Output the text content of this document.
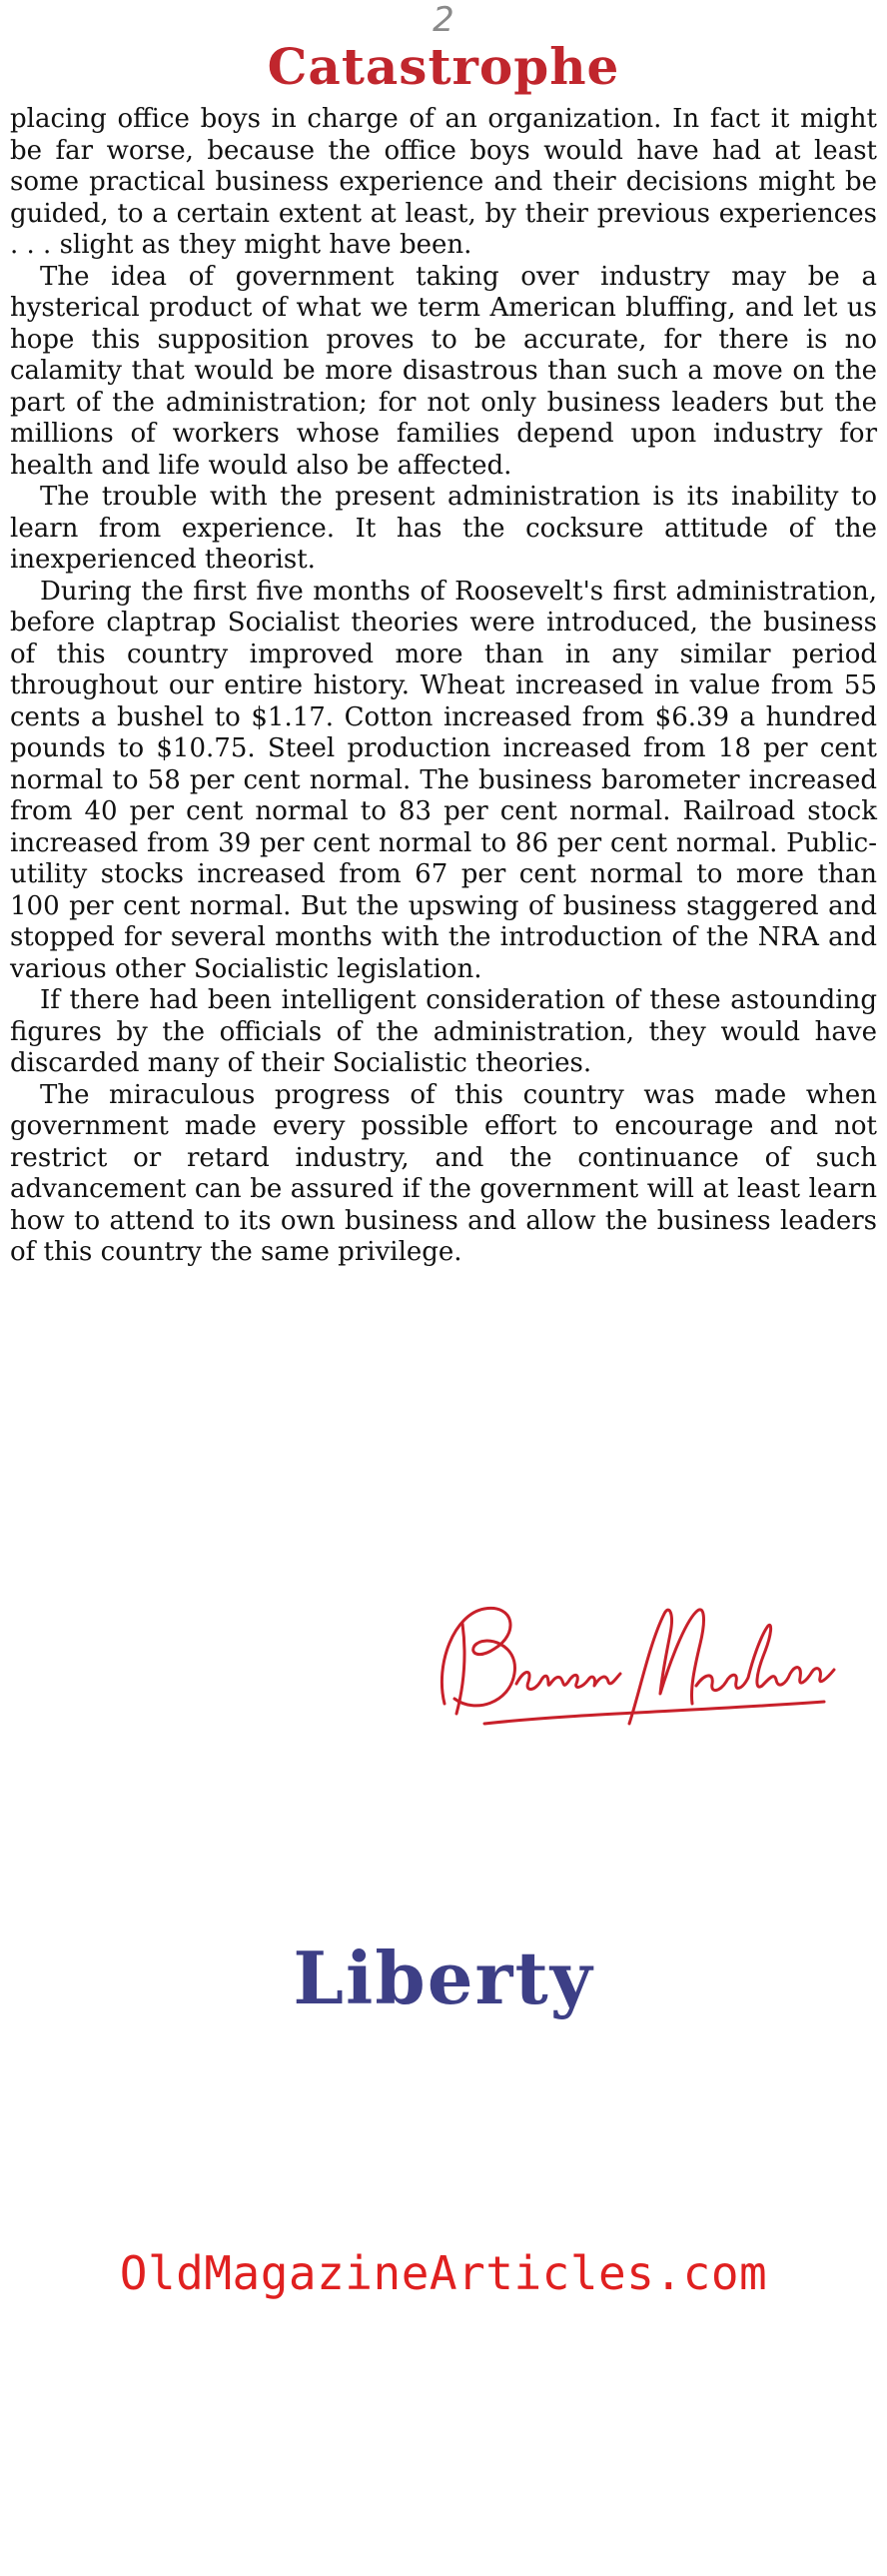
2
Catastrophe

placing office boys in charge of an organization. In fact it might be far worse, because the office boys would have had at least some practical business experience and their decisions might be guided, to a certain extent at least, by their previous experiences . . . slight as they might have been.

The idea of government taking over industry may be a hysterical product of what we term American bluffing, and let us hope this supposition proves to be accurate, for there is no calamity that would be more disastrous than such a move on the part of the administration; for not only business leaders but the millions of workers whose families depend upon industry for health and life would also be affected.

The trouble with the present administration is its inability to learn from experience. It has the cocksure attitude of the inexperienced theorist.

During the first five months of Roosevelt's first administration, before claptrap Socialist theories were introduced, the business of this country improved more than in any similar period throughout our entire history. Wheat increased in value from 55 cents a bushel to $1.17. Cotton increased from $6.39 a hundred pounds to $10.75. Steel production increased from 18 per cent normal to 58 per cent normal. The business barometer increased from 40 per cent normal to 83 per cent normal. Railroad stock increased from 39 per cent normal to 86 per cent normal. Public-utility stocks increased from 67 per cent normal to more than 100 per cent normal. But the upswing of business staggered and stopped for several months with the introduction of the NRA and various other Socialistic legislation.

If there had been intelligent consideration of these astounding figures by the officials of the administration, they would have discarded many of their Socialistic theories.

The miraculous progress of this country was made when government made every possible effort to encourage and not restrict or retard industry, and the continuance of such advancement can be assured if the government will at least learn how to attend to its own business and allow the business leaders of this country the same privilege.

Liberty
OldMagazineArticles.com
